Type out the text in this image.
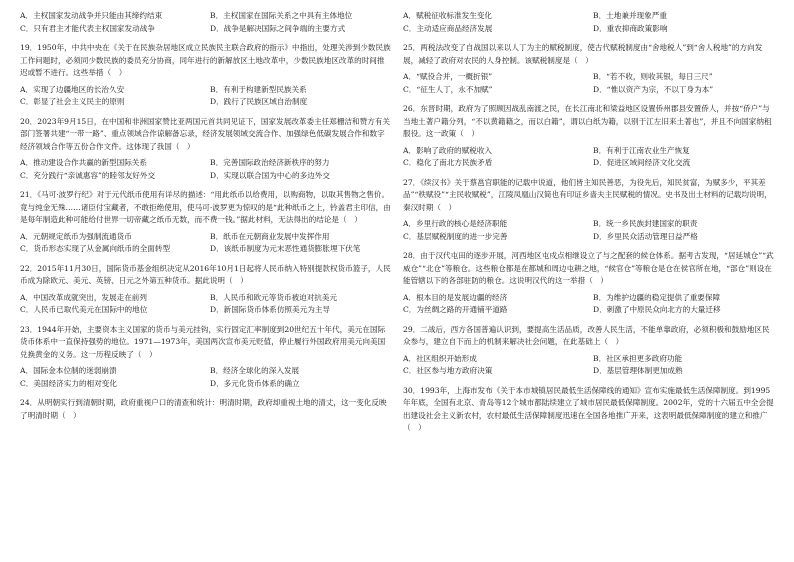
A．主权国家发动战争并只能由其缔约结束	B．主权国家在国际关系之中具有主体地位
C．只有君主才能代表主权国家发动战争	D．战争是解决国际之间争端的主要方式

19．1950年，中共中央在《关于在民族杂居地区成立民族民主联合政府的指示》中指出，处理关涉到少数民族工作问题时，必须同少数民族的委员充分协商，同年进行的新解放区土地改革中，少数民族地区改革的时间推迟或暂不进行。这些举措（　）

A．实现了边疆地区的长治久安	B．有利于构建新型民族关系
C．彰显了社会主义民主的原则	D．践行了民族区域自治制度

20．2023年9月15日，在中国和非洲国家赞比亚两国元首共同见证下，国家发展改革委主任郑栅洁和赞方有关部门签署共建“一带一路”、重点领域合作谅解备忘录，经济发展领域交流合作、加强绿色低碳发展合作和数字经济领域合作等五份合作文件。这体现了我国（　）

A．推动建设合作共赢的新型国际关系	B．完善国际政治经济新秩序的努力
C．充分践行“亲诚惠容”的睦邻友好外交	D．实现以联合国为中心的多边外交

21．《马可·波罗行纪》对于元代纸币使用有详尽的描述：“用此纸币以给费用，以购商物，以取其售物之售价。竟与纯金无殊……诸臣付宝藏者，不敢拒绝使用，使马可·波罗更为惊叹的是“此种纸币之上，钤盖君主印信，由是每年制造此种可能给付世界一切帝藏之纸币无数，而不费一钱。”据此材料，无法得出的结论是（　）

A．元朝规定纸币为强制流通货币	B．纸币在元朝商业发展中发挥作用
C．货币形态实现了从金属向纸币的全面转型	D．该纸币制度为元末恶性通货膨胀埋下伏笔

22．2015年11月30日，国际货币基金组织决定从2016年10月1日起将人民币纳入特别提款权货币篮子，人民币成为除欧元、美元、英镑、日元之外第五种货币。据此说明（　）

A．中国改革成就突出，发展走在前列	B．人民币和欧元等货币被迫对抗美元
C．人民币已取代美元在国际中的地位	D．新国际货币体系仿照美元为主导

23．1944年开始，主要资本主义国家的货币与美元挂钩，实行固定汇率制度到20世纪五十年代，美元在国际货币体系中一直保持强势的地位。1971—1973年，美国两次宣布美元贬值，停止履行外国政府用美元向美国兑换黄金的义务。这一历程反映了（　）

A．国际金本位制的迷弱崩溃	B．经济全球化的深入发展
C．美国经济实力的相对变化	D．多元化货币体系的确立

24．从明朝实行到清朝时期，政府重视户口的清查和统计：明清时期，政府却重视土地的清丈，这一变化反映了明清时期（　）

A．赋税征收标准发生变化	B．土地兼并现象严重
C．主动适应商品经济发展	D．重农抑商政策影响

25．两税法改变了自战国以来以人丁为主的赋税制度，使古代赋税制度由“舍地税人”到“舍人税地”的方向发展，减轻了政府对农民的人身控制。该赋税制度是（　）

A．“赋役合并，一概折银”	B．“若不收，则收其银，每日三尺”
C．“征生人丁，永不加赋”	D．“惟以资产为宗，不以丁身为本”

26．东晋时期，政府为了照顾因战乱南渡之民，在长江南北和梁益地区设置侨州郡县安置侨人，并按“侨户”与当地土著户籍分列，“不以黄籍籍之，而以白籍”，谓以白纸为籍，以别于江左旧来土著也”，并且不向国家纳租服役。这一政策（　）

A．影响了政府的赋税收入	B．有利于江南农业生产恢复
C．稳化了南北方民族矛盾	D．促进区域间经济文化交流

27．《续汉书》关于蔡邕官职能的记载中说道，他们皆主知民善恶，为役先后，知民贫富，为赋多少，平其差品”“秩赋役”“主民收赋税”，江陵凤凰山汉简也有印证乡啬夫主民赋税的情况。史书及出土材料的记载均说明，秦汉时期（　）

A．乡里行政的核心是经济职能	B．统一乡民族封建国家的职责
C．基层赋税制度的进一步完善	D．乡里民众活动管理日益严格

28．由于汉代屯田的逐步开展，河西地区屯戍点相继设立了与之配套的候仓体系。据考古发现，“居延城仓”“武威仓”“北仓”等粮仓。这些粮仓都是在都城和周边屯耕之地，“候官仓”等粮仓是仓在侯官所在地，“部仓”则设在能管辖以下的各部驻防的粮仓。这说明汉代的这一举措（　）

A．根本目的是发展边疆的经济	B．为维护边疆的稳定提供了重要保障
C．为丝绸之路的开通铺平道路	D．刺激了中原民众向北方的大量迁移

29．二战后，西方各国普遍认识到，要提高生活品质，改善人民生活，不能单靠政府，必须积极和鼓励地区民众参与，建立自下而上的机制来解决社会问题，在此基础上（　）

A．社区组织开始形成	B．社区承担更多政府功能
C．社区参与地方政府决策	D．基层管理体制更加成熟

30．1993年，上海市发布《关于本市城镇居民最低生活保障线的通知》宣布实施最低生活保障制度。到1995年年底，全国有北京、青岛等12个城市都陆续建立了城市居民最低保障制度。2002年，党的十六届五中全会提出建设社会主义新农村，农村最低生活保障制度迅速在全国各地推广开来，这表明最低保障制度的建立和推广（　）
